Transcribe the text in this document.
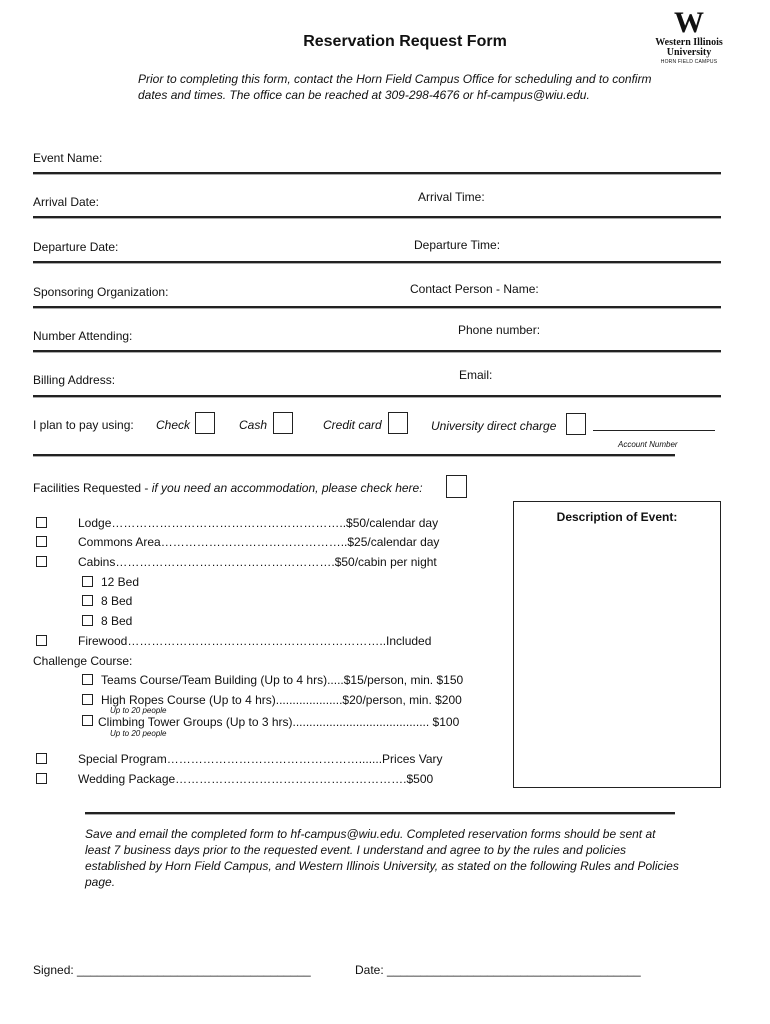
Reservation Request Form
W
Western Illinois
University
HORN FIELD CAMPUS
Prior to completing this form, contact the Horn Field Campus Office for scheduling and to confirm dates and times. The office can be reached at 309-298-4676 or hf-campus@wiu.edu.
Event Name:
Arrival Date:	Arrival Time:
Departure Date:	Departure Time:
Sponsoring Organization:	Contact Person - Name:
Number Attending:	Phone number:
Billing Address:	Email:
I plan to pay using: Check	Cash	Credit card	University direct charge
Account Number
Facilities Requested - if you need an accommodation, please check here:
Description of Event:
Lodge…………………………………………………..$50/calendar day
Commons Area………………………………………..$25/calendar day
Cabins……………………………………………….$50/cabin per night
12 Bed
8 Bed
8 Bed
Firewood………………………………………………………..Included
Challenge Course:
Teams Course/Team Building (Up to 4 hrs).....$15/person, min. $150
High Ropes Course (Up to 4 hrs)....................$20/person, min. $200
Up to 20 people
Climbing Tower Groups (Up to 3 hrs)......................................... $100
Up to 20 people
Special Program………………………………………….......Prices Vary
Wedding Package………………………………………………….$500
Save and email the completed form to hf-campus@wiu.edu. Completed reservation forms should be sent at least 7 business days prior to the requested event. I understand and agree to by the rules and policies established by Horn Field Campus, and Western Illinois University, as stated on the following Rules and Policies page.
Signed: ___________________________________	Date: ______________________________________
